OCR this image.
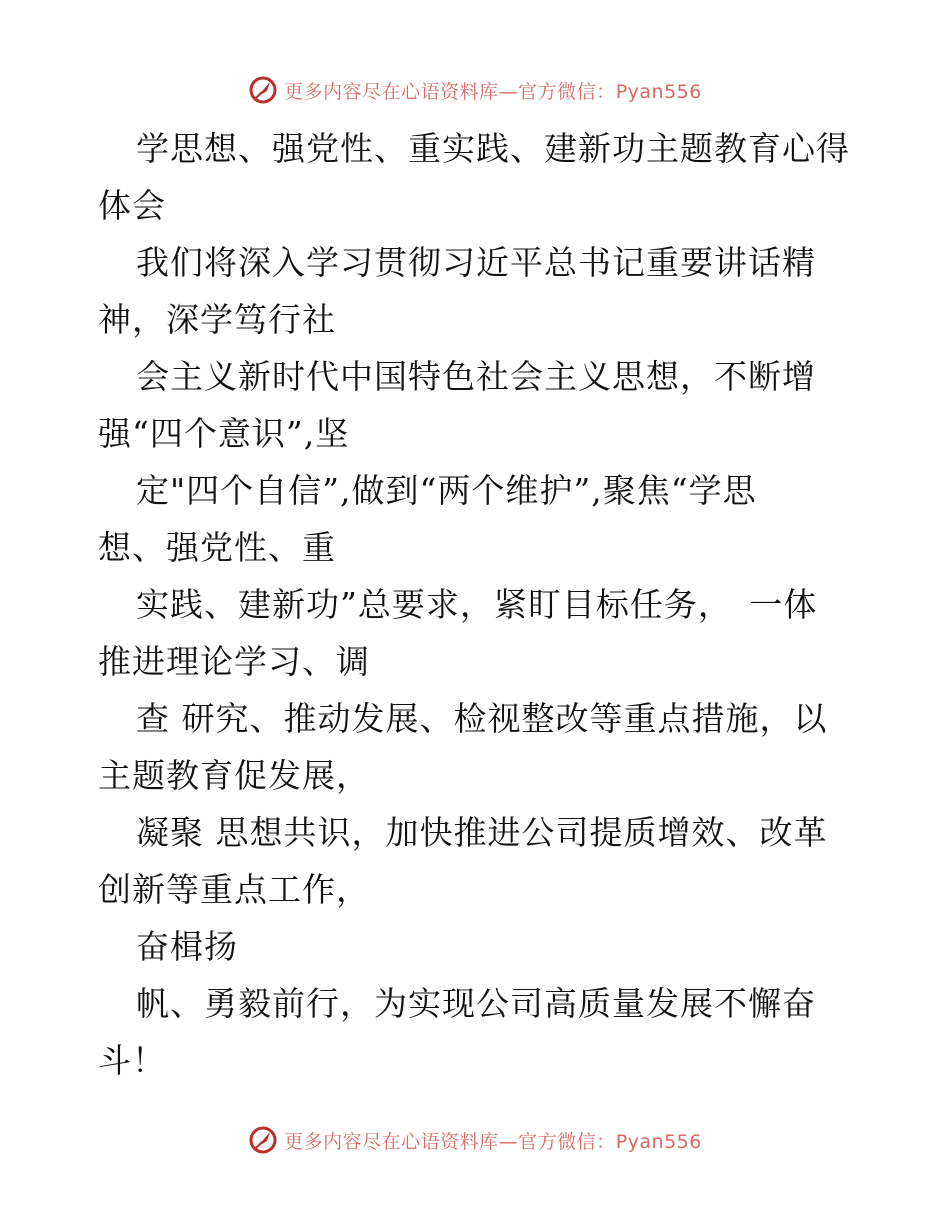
更多内容尽在心语资料库—官方微信：Pyan556
学思想、强党性、重实践、建新功主题教育心得
体会
我们将深入学习贯彻习近平总书记重要讲话精
神，深学笃行社
会主义新时代中国特色社会主义思想，不断增
强“四个意识”,坚
定"四个自信”,做到“两个维护”,聚焦“学思
想、强党性、重
实践、建新功”总要求，紧盯目标任务，　一体
推进理论学习、调
查 研究、推动发展、检视整改等重点措施，以
主题教育促发展，
凝聚 思想共识，加快推进公司提质增效、改革
创新等重点工作，
奋楫扬
帆、勇毅前行，为实现公司高质量发展不懈奋
斗！
更多内容尽在心语资料库—官方微信：Pyan556
